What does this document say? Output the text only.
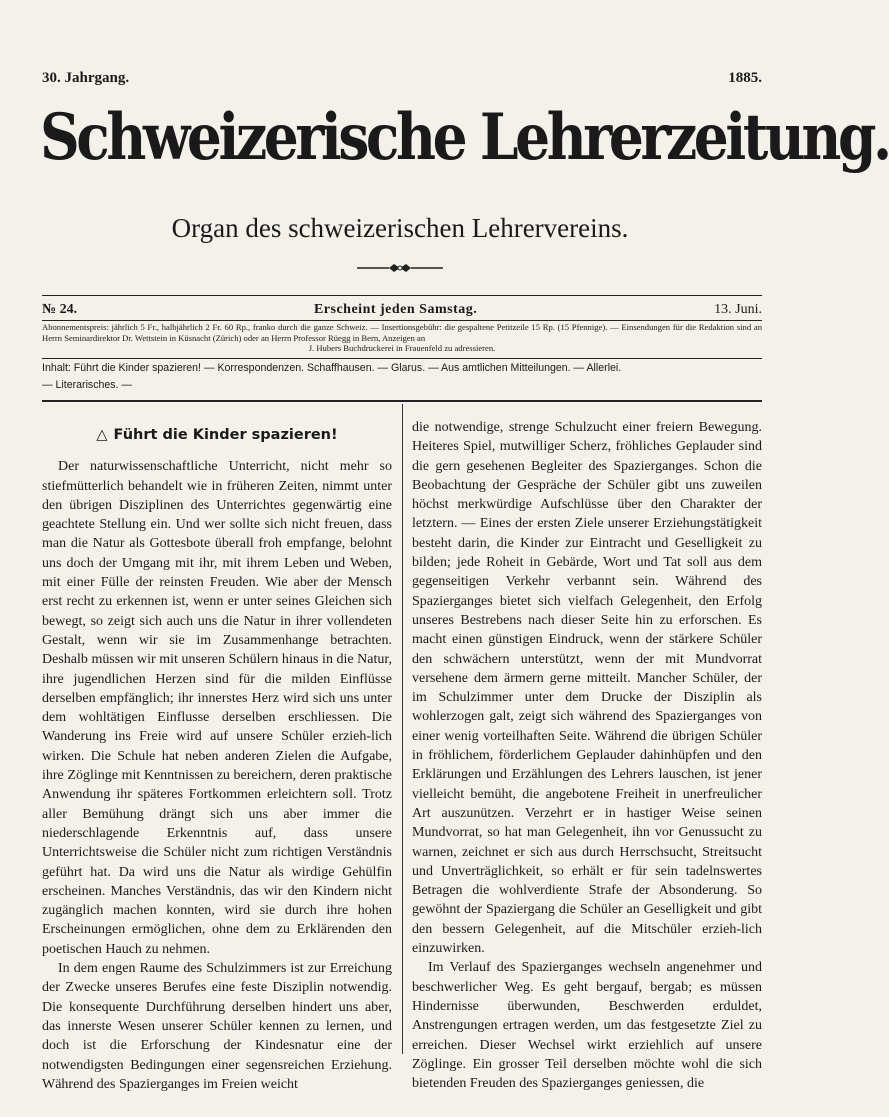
30. Jahrgang.	1885.
Schweizerische Lehrerzeitung.
Organ des schweizerischen Lehrervereins.
№ 24.	Erscheint jeden Samstag.	13. Juni.
Abonnementspreis: jährlich 5 Fr., halbjährlich 2 Fr. 60 Rp., franko durch die ganze Schweiz. — Insertionsgebühr: die gespaltene Petitzeile 15 Rp. (15 Pfennige). — Einsendungen für die Redaktion sind an Herrn Seminardirektor Dr. Wettstein in Küsnacht (Zürich) oder an Herrn Professor Rüegg in Bern, Anzeigen an
J. Hubers Buchdruckerei in Frauenfeld zu adressieren.
Inhalt: Führt die Kinder spazieren! — Korrespondenzen. Schaffhausen. — Glarus. — Aus amtlichen Mitteilungen. — Allerlei.
— Literarisches. —
△ Führt die Kinder spazieren!

Der naturwissenschaftliche Unterricht, nicht mehr so stiefmütterlich behandelt wie in früheren Zeiten, nimmt unter den übrigen Disziplinen des Unterrichtes gegenwärtig eine geachtete Stellung ein. Und wer sollte sich nicht freuen, dass man die Natur als Gottesbote überall froh empfange, belohnt uns doch der Umgang mit ihr, mit ihrem Leben und Weben, mit einer Fülle der reinsten Freuden. Wie aber der Mensch erst recht zu erkennen ist, wenn er unter seines Gleichen sich bewegt, so zeigt sich auch uns die Natur in ihrer vollendeten Gestalt, wenn wir sie im Zusammenhange betrachten. Deshalb müssen wir mit unseren Schülern hinaus in die Natur, ihre jugendlichen Herzen sind für die milden Einflüsse derselben empfänglich; ihr innerstes Herz wird sich uns unter dem wohltätigen Einflusse derselben erschliessen. Die Wanderung ins Freie wird auf unsere Schüler erzieh-lich wirken. Die Schule hat neben anderen Zielen die Aufgabe, ihre Zöglinge mit Kenntnissen zu bereichern, deren praktische Anwendung ihr späteres Fortkommen erleichtern soll. Trotz aller Bemühung drängt sich uns aber immer die niederschlagende Erkenntnis auf, dass unsere Unterrichtsweise die Schüler nicht zum richtigen Verständnis geführt hat. Da wird uns die Natur als wirdige Gehülfin erscheinen. Manches Verständnis, das wir den Kindern nicht zugänglich machen konnten, wird sie durch ihre hohen Erscheinungen ermöglichen, ohne dem zu Erklärenden den poetischen Hauch zu nehmen.

In dem engen Raume des Schulzimmers ist zur Erreichung der Zwecke unseres Berufes eine feste Disziplin notwendig. Die konsequente Durchführung derselben hindert uns aber, das innerste Wesen unserer Schüler kennen zu lernen, und doch ist die Erforschung der Kindesnatur eine der notwendigsten Bedingungen einer segensreichen Erziehung. Während des Spazierganges im Freien weicht

die notwendige, strenge Schulzucht einer freiern Bewegung. Heiteres Spiel, mutwilliger Scherz, fröhliches Geplauder sind die gern gesehenen Begleiter des Spazierganges. Schon die Beobachtung der Gespräche der Schüler gibt uns zuweilen höchst merkwürdige Aufschlüsse über den Charakter der letztern. — Eines der ersten Ziele unserer Erziehungstätigkeit besteht darin, die Kinder zur Eintracht und Geselligkeit zu bilden; jede Roheit in Gebärde, Wort und Tat soll aus dem gegenseitigen Verkehr verbannt sein. Während des Spazierganges bietet sich vielfach Gelegenheit, den Erfolg unseres Bestrebens nach dieser Seite hin zu erforschen. Es macht einen günstigen Eindruck, wenn der stärkere Schüler den schwächern unterstützt, wenn der mit Mundvorrat versehene dem ärmern gerne mitteilt. Mancher Schüler, der im Schulzimmer unter dem Drucke der Disziplin als wohlerzogen galt, zeigt sich während des Spazierganges von einer wenig vorteilhaften Seite. Während die übrigen Schüler in fröhlichem, förderlichem Geplauder dahinhüpfen und den Erklärungen und Erzählungen des Lehrers lauschen, ist jener vielleicht bemüht, die angebotene Freiheit in unerfreulicher Art auszunützen. Verzehrt er in hastiger Weise seinen Mundvorrat, so hat man Gelegenheit, ihn vor Genussucht zu warnen, zeichnet er sich aus durch Herrschsucht, Streitsucht und Unverträglichkeit, so erhält er für sein tadelnswertes Betragen die wohlverdiente Strafe der Absonderung. So gewöhnt der Spaziergang die Schüler an Geselligkeit und gibt den bessern Gelegenheit, auf die Mitschüler erzieh-lich einzuwirken.

Im Verlauf des Spazierganges wechseln angenehmer und beschwerlicher Weg. Es geht bergauf, bergab; es müssen Hindernisse überwunden, Beschwerden erduldet, Anstrengungen ertragen werden, um das festgesetzte Ziel zu erreichen. Dieser Wechsel wirkt erziehlich auf unsere Zöglinge. Ein grosser Teil derselben möchte wohl die sich bietenden Freuden des Spazierganges geniessen, die
